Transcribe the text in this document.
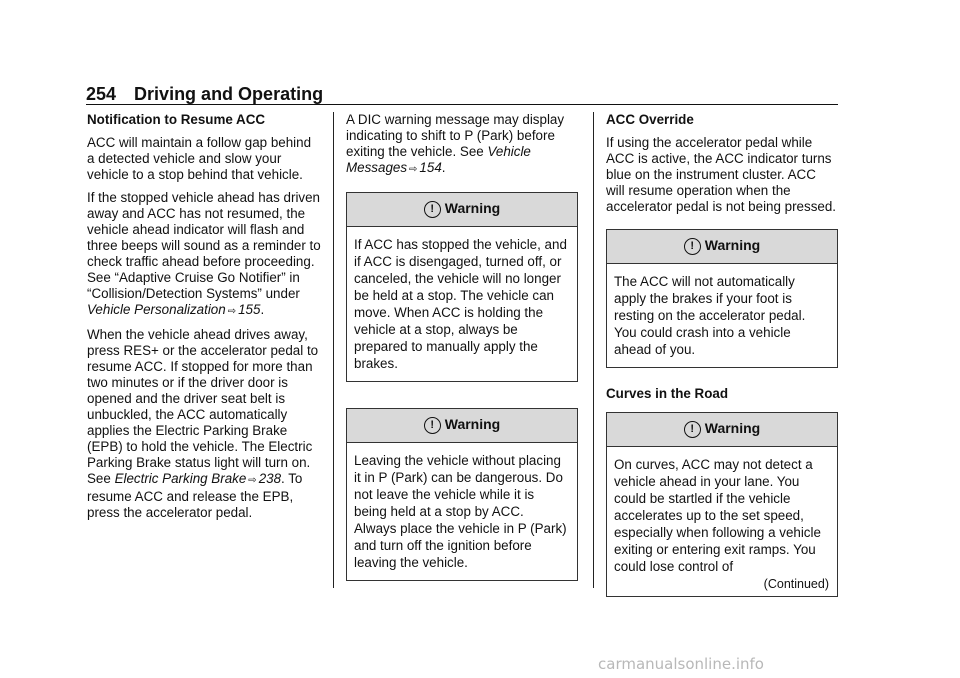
254 Driving and Operating
Notification to Resume ACC

ACC will maintain a follow gap behind a detected vehicle and slow your vehicle to a stop behind that vehicle.

If the stopped vehicle ahead has driven away and ACC has not resumed, the vehicle ahead indicator will flash and three beeps will sound as a reminder to check traffic ahead before proceeding. See “Adaptive Cruise Go Notifier” in “Collision/Detection Systems” under Vehicle Personalization ⇨ 155.

When the vehicle ahead drives away, press RES+ or the accelerator pedal to resume ACC. If stopped for more than two minutes or if the driver door is opened and the driver seat belt is unbuckled, the ACC automatically applies the Electric Parking Brake (EPB) to hold the vehicle. The Electric Parking Brake status light will turn on. See Electric Parking Brake ⇨ 238. To resume ACC and release the EPB, press the accelerator pedal.

A DIC warning message may display indicating to shift to P (Park) before exiting the vehicle. See Vehicle Messages ⇨ 154.

! Warning
If ACC has stopped the vehicle, and if ACC is disengaged, turned off, or canceled, the vehicle will no longer be held at a stop. The vehicle can move. When ACC is holding the vehicle at a stop, always be prepared to manually apply the brakes.
! Warning
Leaving the vehicle without placing it in P (Park) can be dangerous. Do not leave the vehicle while it is being held at a stop by ACC. Always place the vehicle in P (Park) and turn off the ignition before leaving the vehicle.
ACC Override

If using the accelerator pedal while ACC is active, the ACC indicator turns blue on the instrument cluster. ACC will resume operation when the accelerator pedal is not being pressed.

! Warning
The ACC will not automatically apply the brakes if your foot is resting on the accelerator pedal. You could crash into a vehicle ahead of you.
Curves in the Road
! Warning
On curves, ACC may not detect a vehicle ahead in your lane. You could be startled if the vehicle accelerates up to the set speed, especially when following a vehicle exiting or entering exit ramps. You could lose control of
(Continued)
carmanualsonline.info
